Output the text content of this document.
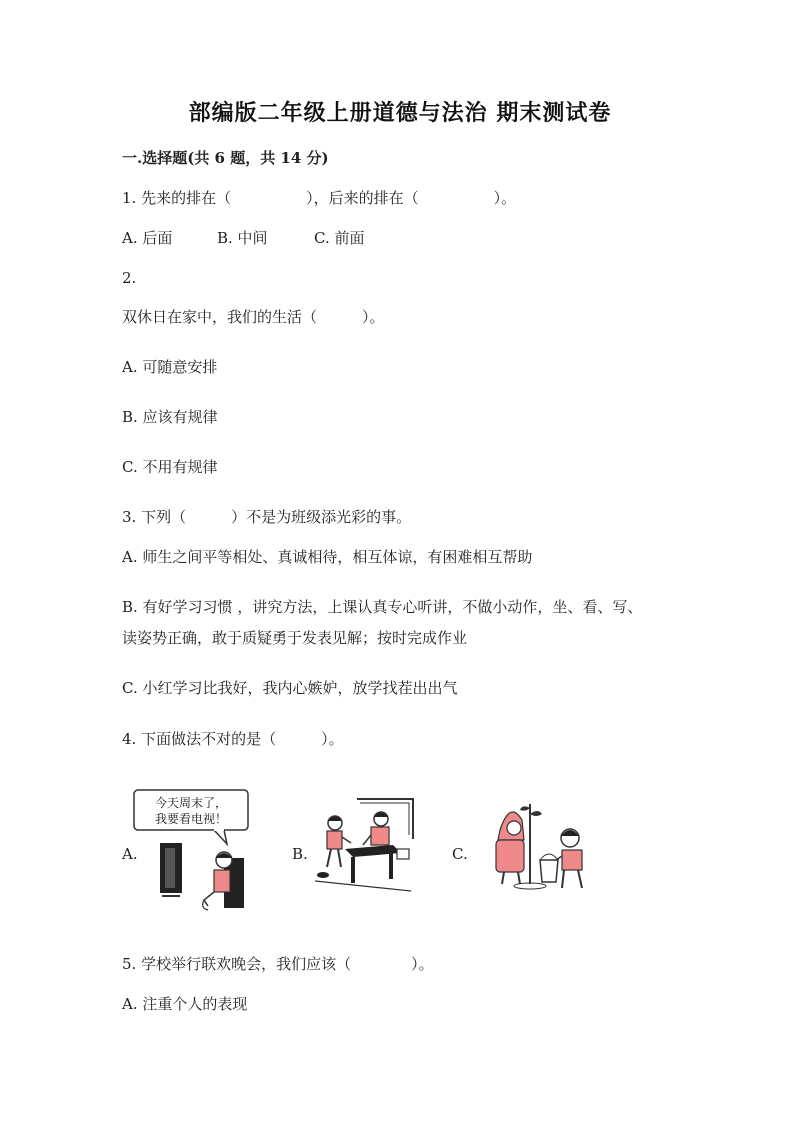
部编版二年级上册道德与法治 期末测试卷
一.选择题(共 6 题，共 14 分)
1. 先来的排在（　　　　　），后来的排在（　　　　　）。
A. 后面	B. 中间	C. 前面
2.
双休日在家中，我们的生活（　　　）。
A. 可随意安排
B. 应该有规律
C. 不用有规律
3. 下列（　　　）不是为班级添光彩的事。
A. 师生之间平等相处、真诚相待，相互体谅，有困难相互帮助
B. 有好学习习惯 ，讲究方法，上课认真专心听讲，不做小动作，坐、看、写、
读姿势正确，敢于质疑勇于发表见解；按时完成作业
C. 小红学习比我好，我内心嫉妒，放学找茬出出气
4. 下面做法不对的是（　　　）。
A.	B.	C.
今天周末了，
我要看电视！
5. 学校举行联欢晚会，我们应该（　　　　）。
A. 注重个人的表现
